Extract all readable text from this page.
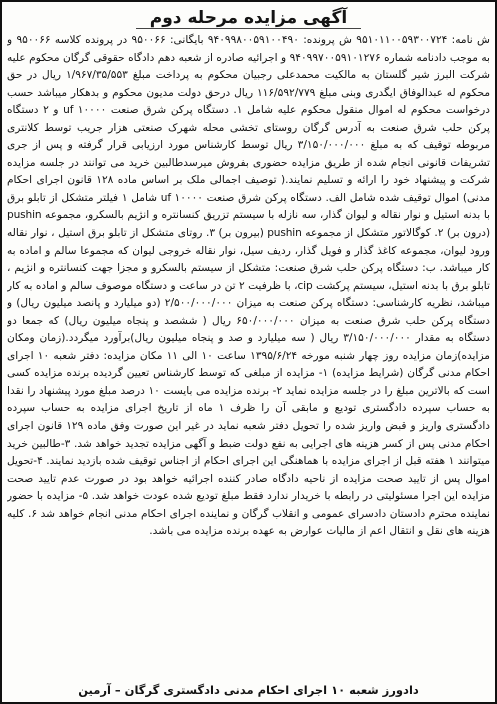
آگهی مزایده مرحله دوم

ش نامه: ۹۵۱۰۱۱۰۰۵۹۳۰۰۷۲۴ ش پرونده: ۹۴۰۹۹۸۰۰۵۹۱۰۰۴۹۰ بایگانی: ۹۵۰۰۶۶ در پرونده کلاسه ۹۵۰۰۶۶ و به موجب دادنامه شماره ۹۴۰۹۹۷۰۰۵۹۱۰۱۲۷۶ و اجرائیه صادره از شعبه دهم دادگاه حقوقی گرگان محکوم علیه شرکت البرز شیر گلستان به مالکیت محمدعلی رجبیان محکوم به پرداخت مبلغ ۱/۹۶۷/۳۵/۵۵۳ ریال در حق محکوم له عبدالوفاق ایگدری وبنی مبلغ ۱۱۶/۵۹۲/۷۷۹ ریال درحق دولت مدیون محکوم و بدهکار میباشد حسب درخواست محکوم له اموال منقول محکوم علیه شامل ۱. دستگاه پرکن شرق صنعت uf ۱۰۰۰۰ و ۲ دستگاه پرکن حلب شرق صنعت به آدرس گرگان روستای تخشی محله شهرک صنعتی هزار جریب توسط کلانتری مربوطه توقیف که به مبلغ ۳/۱۵۰/۰۰۰/۰۰۰ ریال توسط کارشناس مورد ارزیابی قرار گرفته و پس از جری تشریفات قانونی انجام شده از طریق مزایده حضوری بفروش میرسدطالبین خرید می توانند در جلسه مزایده شرکت و پیشنهاد خود را ارائه و تسلیم نمایند.( توصیف اجمالی ملک بر اساس ماده ۱۲۸ قانون اجرای احکام مدنی) اموال توقیف شده شامل الف. دستگاه پرکن شرق صنعت uf ۱۰۰۰۰ شامل ۱ فیلتر متشکل از تابلو برق با بدنه استیل و نوار نقاله و لیوان گذار، سه نازله با سیستم تزریق کنسانتره و انژیم بالسکرو، مجموعه pushin (درون بر) ۲. کوگالاتور متشکل از مجموعه pushin (بیرون بر) ۳. روتای متشکل از تابلو برق استیل ، نوار نقاله ورود لیوان، مجموعه کاغذ گذار و فویل گذار، ردیف سیل، نوار نقاله خروجی لیوان که مجموعا سالم و اماده به کار میباشد. ب: دستگاه پرکن حلب شرق صنعت: متشکل از سیستم بالسکرو و مجزا جهت کنسانتره و انژیم ، تابلو برق با بدنه استیل، سیستم پرکشت cip، با ظرفیت ۲ تن در ساعت و دستگاه موصوف سالم و اماده به کار میباشد، نظریه کارشناسی: دستگاه پرکن صنعت به میزان ۲/۵۰۰/۰۰۰/۰۰۰ (دو میلیارد و پانصد میلیون ریال) و دستگاه پرکن حلب شرق صنعت به میزان ۶۵۰/۰۰۰/۰۰۰ ریال ( ششصد و پنجاه میلیون ریال) که جمعا دو دستگاه به مقدار ۳/۱۵۰/۰۰۰/۰۰۰ ریال ( سه میلیارد و صد و پنجاه میلیون ریال)برآورد میگردد.(زمان ومکان مزایده)زمان مزایده روز چهار شنبه مورخه ۱۳۹۵/۶/۲۴ ساعت ۱۰ الی ۱۱ مکان مزایده: دفتر شعبه ۱۰ اجرای احکام مدنی گرگان (شرایط مزایده) ۱- مزایده از مبلغی که توسط کارشناس تعیین گردیده برنده مزایده کسی است که بالاترین مبلغ را در جلسه مزایده نماید ۲- برنده مزایده می بایست ۱۰ درصد مبلغ مورد پیشنهاد را نقدا به حساب سپرده دادگستری تودیع و مابقی آن را ظرف ۱ ماه از تاریخ اجرای مزایده به حساب سپرده دادگستری واریز و قبض واریز شده را تحویل دفتر شعبه نماید در غیر این صورت وفق ماده ۱۲۹ قانون اجرای احکام مدنی پس از کسر هزینه های اجرایی به نفع دولت ضبط و آگهی مزایده تجدید خواهد شد. ۳-طالبین خرید میتوانند ۱ هفته قبل از اجرای مزایده با هماهنگی این اجرای احکام از اجناس توقیف شده بازدید نمایند. ۴-تحویل اموال پس از تایید صحت مزایده از ناحیه دادگاه صادر کننده اجرائیه خواهد بود در صورت عدم تایید صحت مزایده این اجرا مسئولیتی در رابطه با خریدار ندارد فقط مبلغ تودیع شده عودت خواهد شد. ۵- مزایده با حضور نماینده محترم دادستان دادسرای عمومی و انقلاب گرگان و نماینده اجرای احکام مدنی انجام خواهد شد ۶. کلیه هزینه های نقل و انتقال اعم از مالیات عوارض به عهده برنده مزایده می باشد.

دادورز شعبه ۱۰ اجرای احکام مدنی دادگستری گرگان – آرمین
